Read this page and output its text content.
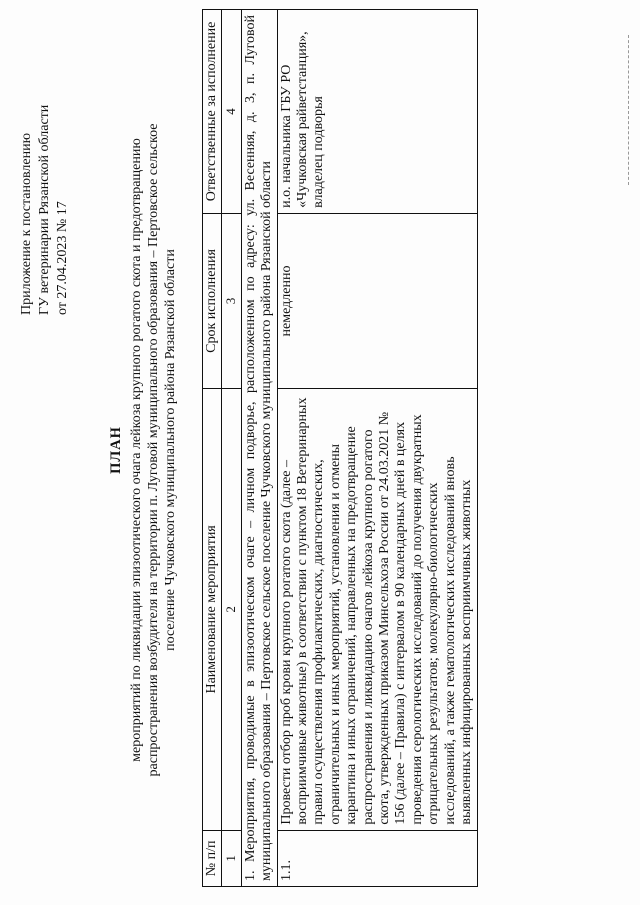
Приложение к постановлению ГУ ветеринарии Рязанской области от 27.04.2023 № 17
ПЛАН мероприятий по ликвидации эпизоотического очага лейкоза крупного рогатого скота и предотвращению распространения возбудителя на территории п. Луговой муниципального образования – Пертовское сельское поселение Чучковского муниципального района Рязанской области
№ п/п	Наименование мероприятия	Срок исполнения	Ответственные за исполнение
1	2	3	4
1. Мероприятия, проводимые в эпизоотическом очаге – личном подворье, расположенном по адресу: ул. Весенняя, д. 3, п. Луговой муниципального образования – Пертовское сельское поселение Чучковского муниципального района Рязанской области			
1.1.	Провести отбор проб крови крупного рогатого скота (далее – восприимчивые животные) в соответствии с пунктом 18 Ветеринарных правил осуществления профилактических, диагностических, ограничительных и иных мероприятий, установления и отмены карантина и иных ограничений, направленных на предотвращение распространения и ликвидацию очагов лейкоза крупного рогатого скота, утвержденных приказом Минсельхоза России от 24.03.2021 № 156 (далее – Правила) с интервалом в 90 календарных дней в целях проведения серологических исследований до получения двукратных отрицательных результатов; молекулярно-биологических исследований, а также гематологических исследований вновь выявленных инфицированных восприимчивых животных	немедленно	и.о. начальника ГБУ РО «Чучковская райветстанция», владелец подворья
